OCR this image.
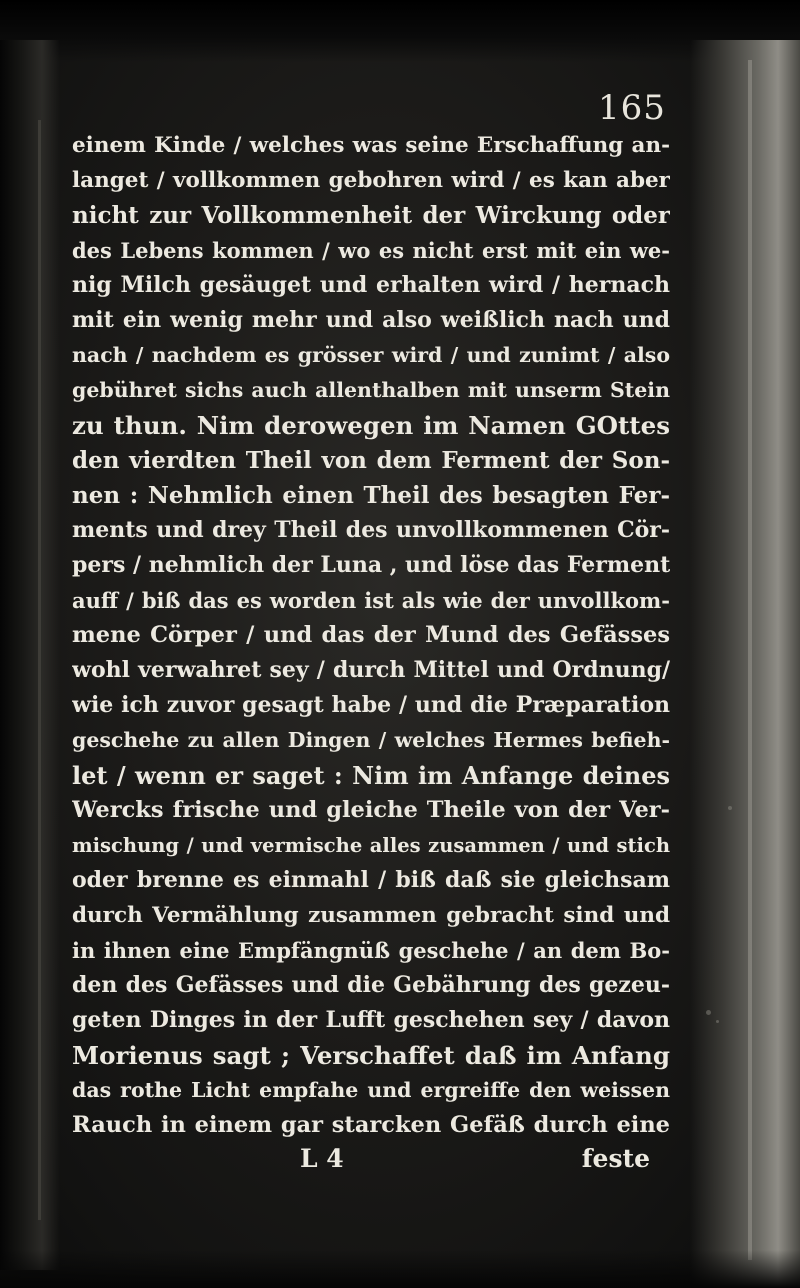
165
einem Kinde / welches was seine Erschaffung an-
langet / vollkommen gebohren wird / es kan aber
nicht zur Vollkommenheit der Wirckung oder
des Lebens kommen / wo es nicht erst mit ein we-
nig Milch gesäuget und erhalten wird / hernach
mit ein wenig mehr und also weißlich nach und
nach / nachdem es grösser wird / und zunimt / also
gebühret sichs auch allenthalben mit unserm Stein
zu thun. Nim derowegen im Namen GOttes
den vierdten Theil von dem Ferment der Son-
nen : Nehmlich einen Theil des besagten Fer-
ments und drey Theil des unvollkommenen Cör-
pers / nehmlich der Luna , und löse das Ferment
auff / biß das es worden ist als wie der unvollkom-
mene Cörper / und das der Mund des Gefässes
wohl verwahret sey / durch Mittel und Ordnung/
wie ich zuvor gesagt habe / und die Præparation
geschehe zu allen Dingen / welches Hermes befieh-
let / wenn er saget : Nim im Anfange deines
Wercks frische und gleiche Theile von der Ver-
mischung / und vermische alles zusammen / und stich
oder brenne es einmahl / biß daß sie gleichsam
durch Vermählung zusammen gebracht sind und
in ihnen eine Empfängnüß geschehe / an dem Bo-
den des Gefässes und die Gebährung des gezeu-
geten Dinges in der Lufft geschehen sey / davon
Morienus sagt ; Verschaffet daß im Anfang
das rothe Licht empfahe und ergreiffe den weissen
Rauch in einem gar starcken Gefäß durch eine
L 4	feste
